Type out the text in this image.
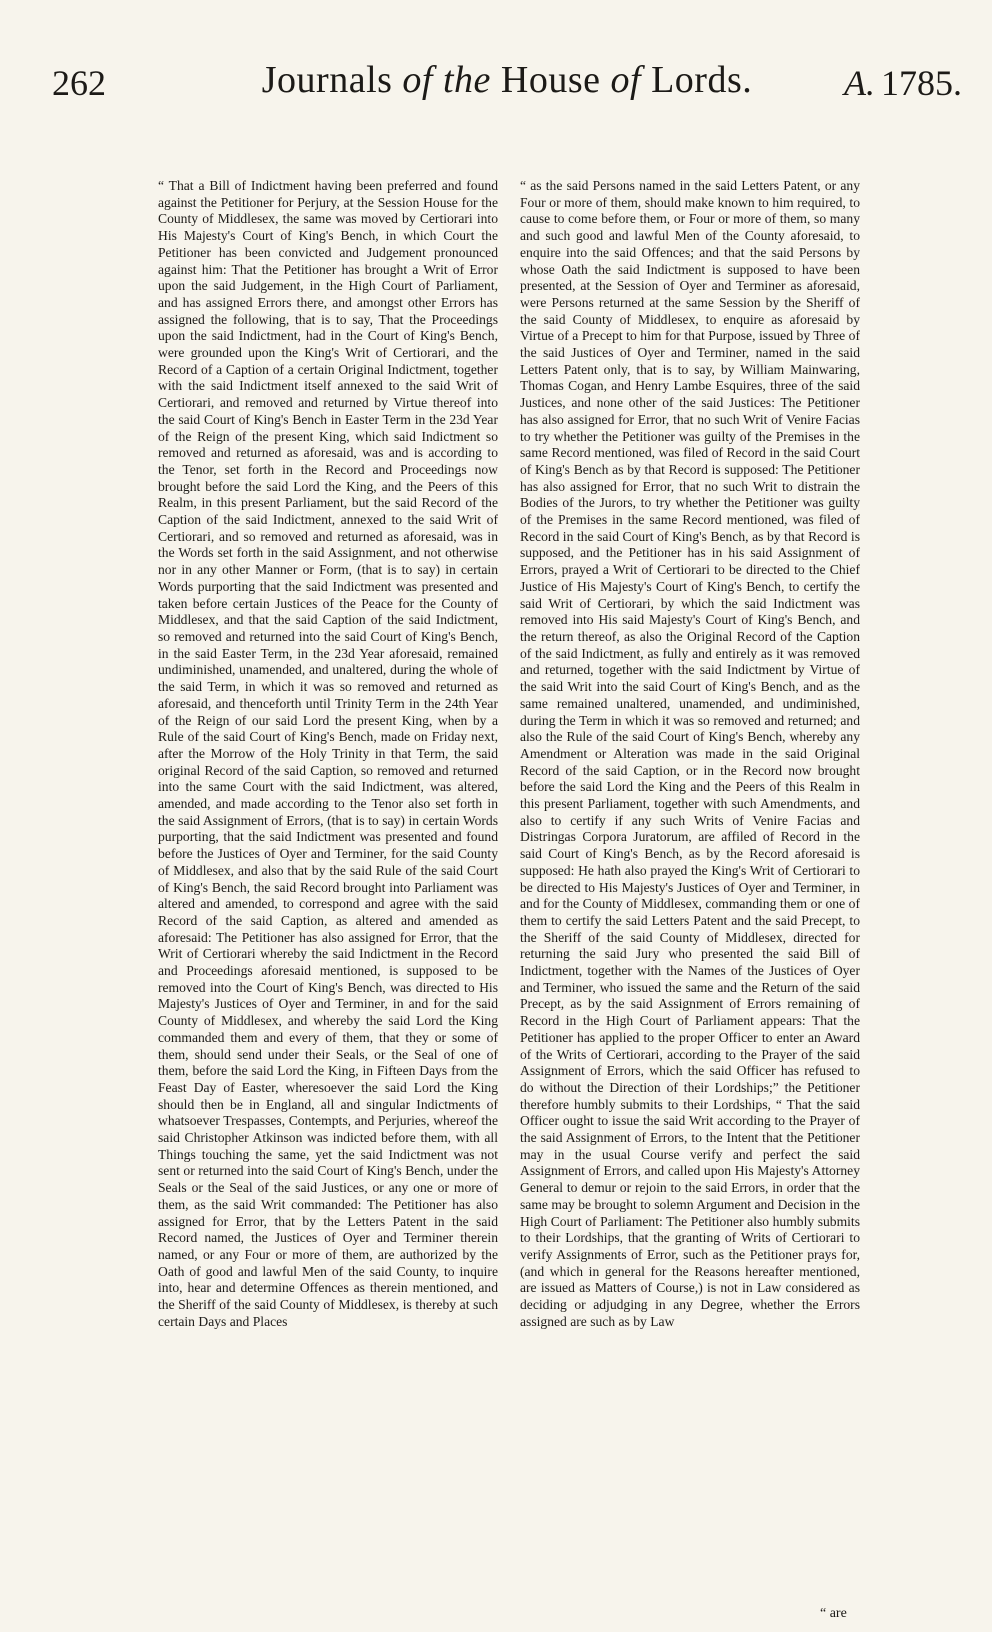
262	Journals of the House of Lords.	A. 1785.

“ That a Bill of Indictment having been preferred and found against the Petitioner for Perjury, at the Session House for the County of Middlesex, the same was moved by Certiorari into His Majesty's Court of King's Bench, in which Court the Petitioner has been convicted and Judgement pronounced against him: That the Petitioner has brought a Writ of Error upon the said Judgement, in the High Court of Parliament, and has assigned Errors there, and amongst other Errors has assigned the following, that is to say, That the Proceedings upon the said Indictment, had in the Court of King's Bench, were grounded upon the King's Writ of Certiorari, and the Record of a Caption of a certain Original Indictment, together with the said Indictment itself annexed to the said Writ of Certiorari, and removed and returned by Virtue thereof into the said Court of King's Bench in Easter Term in the 23d Year of the Reign of the present King, which said Indictment so removed and returned as aforesaid, was and is according to the Tenor, set forth in the Record and Proceedings now brought before the said Lord the King, and the Peers of this Realm, in this present Parliament, but the said Record of the Caption of the said Indictment, annexed to the said Writ of Certiorari, and so removed and returned as aforesaid, was in the Words set forth in the said Assignment, and not otherwise nor in any other Manner or Form, (that is to say) in certain Words purporting that the said Indictment was presented and taken before certain Justices of the Peace for the County of Middlesex, and that the said Caption of the said Indictment, so removed and returned into the said Court of King's Bench, in the said Easter Term, in the 23d Year aforesaid, remained undiminished, unamended, and unaltered, during the whole of the said Term, in which it was so removed and returned as aforesaid, and thenceforth until Trinity Term in the 24th Year of the Reign of our said Lord the present King, when by a Rule of the said Court of King's Bench, made on Friday next, after the Morrow of the Holy Trinity in that Term, the said original Record of the said Caption, so removed and returned into the same Court with the said Indictment, was altered, amended, and made according to the Tenor also set forth in the said Assignment of Errors, (that is to say) in certain Words purporting, that the said Indictment was presented and found before the Justices of Oyer and Terminer, for the said County of Middlesex, and also that by the said Rule of the said Court of King's Bench, the said Record brought into Parliament was altered and amended, to correspond and agree with the said Record of the said Caption, as altered and amended as aforesaid: The Petitioner has also assigned for Error, that the Writ of Certiorari whereby the said Indictment in the Record and Proceedings aforesaid mentioned, is supposed to be removed into the Court of King's Bench, was directed to His Majesty's Justices of Oyer and Terminer, in and for the said County of Middlesex, and whereby the said Lord the King commanded them and every of them, that they or some of them, should send under their Seals, or the Seal of one of them, before the said Lord the King, in Fifteen Days from the Feast Day of Easter, wheresoever the said Lord the King should then be in England, all and singular Indictments of whatsoever Trespasses, Contempts, and Perjuries, whereof the said Christopher Atkinson was indicted before them, with all Things touching the same, yet the said Indictment was not sent or returned into the said Court of King's Bench, under the Seals or the Seal of the said Justices, or any one or more of them, as the said Writ commanded: The Petitioner has also assigned for Error, that by the Letters Patent in the said Record named, the Justices of Oyer and Terminer therein named, or any Four or more of them, are authorized by the Oath of good and lawful Men of the said County, to inquire into, hear and determine Offences as therein mentioned, and the Sheriff of the said County of Middlesex, is thereby at such certain Days and Places

“ as the said Persons named in the said Letters Patent, or any Four or more of them, should make known to him required, to cause to come before them, or Four or more of them, so many and such good and lawful Men of the County aforesaid, to enquire into the said Offences; and that the said Persons by whose Oath the said Indictment is supposed to have been presented, at the Session of Oyer and Terminer as aforesaid, were Persons returned at the same Session by the Sheriff of the said County of Middlesex, to enquire as aforesaid by Virtue of a Precept to him for that Purpose, issued by Three of the said Justices of Oyer and Terminer, named in the said Letters Patent only, that is to say, by William Mainwaring, Thomas Cogan, and Henry Lambe Esquires, three of the said Justices, and none other of the said Justices: The Petitioner has also assigned for Error, that no such Writ of Venire Facias to try whether the Petitioner was guilty of the Premises in the same Record mentioned, was filed of Record in the said Court of King's Bench as by that Record is supposed: The Petitioner has also assigned for Error, that no such Writ to distrain the Bodies of the Jurors, to try whether the Petitioner was guilty of the Premises in the same Record mentioned, was filed of Record in the said Court of King's Bench, as by that Record is supposed, and the Petitioner has in his said Assignment of Errors, prayed a Writ of Certiorari to be directed to the Chief Justice of His Majesty's Court of King's Bench, to certify the said Writ of Certiorari, by which the said Indictment was removed into His said Majesty's Court of King's Bench, and the return thereof, as also the Original Record of the Caption of the said Indictment, as fully and entirely as it was removed and returned, together with the said Indictment by Virtue of the said Writ into the said Court of King's Bench, and as the same remained unaltered, unamended, and undiminished, during the Term in which it was so removed and returned; and also the Rule of the said Court of King's Bench, whereby any Amendment or Alteration was made in the said Original Record of the said Caption, or in the Record now brought before the said Lord the King and the Peers of this Realm in this present Parliament, together with such Amendments, and also to certify if any such Writs of Venire Facias and Distringas Corpora Juratorum, are affiled of Record in the said Court of King's Bench, as by the Record aforesaid is supposed: He hath also prayed the King's Writ of Certiorari to be directed to His Majesty's Justices of Oyer and Terminer, in and for the County of Middlesex, commanding them or one of them to certify the said Letters Patent and the said Precept, to the Sheriff of the said County of Middlesex, directed for returning the said Jury who presented the said Bill of Indictment, together with the Names of the Justices of Oyer and Terminer, who issued the same and the Return of the said Precept, as by the said Assignment of Errors remaining of Record in the High Court of Parliament appears: That the Petitioner has applied to the proper Officer to enter an Award of the Writs of Certiorari, according to the Prayer of the said Assignment of Errors, which the said Officer has refused to do without the Direction of their Lordships;” the Petitioner therefore humbly submits to their Lordships, “ That the said Officer ought to issue the said Writ according to the Prayer of the said Assignment of Errors, to the Intent that the Petitioner may in the usual Course verify and perfect the said Assignment of Errors, and called upon His Majesty's Attorney General to demur or rejoin to the said Errors, in order that the same may be brought to solemn Argument and Decision in the High Court of Parliament: The Petitioner also humbly submits to their Lordships, that the granting of Writs of Certiorari to verify Assignments of Error, such as the Petitioner prays for, (and which in general for the Reasons hereafter mentioned, are issued as Matters of Course,) is not in Law considered as deciding or adjudging in any Degree, whether the Errors assigned are such as by Law

“ are
